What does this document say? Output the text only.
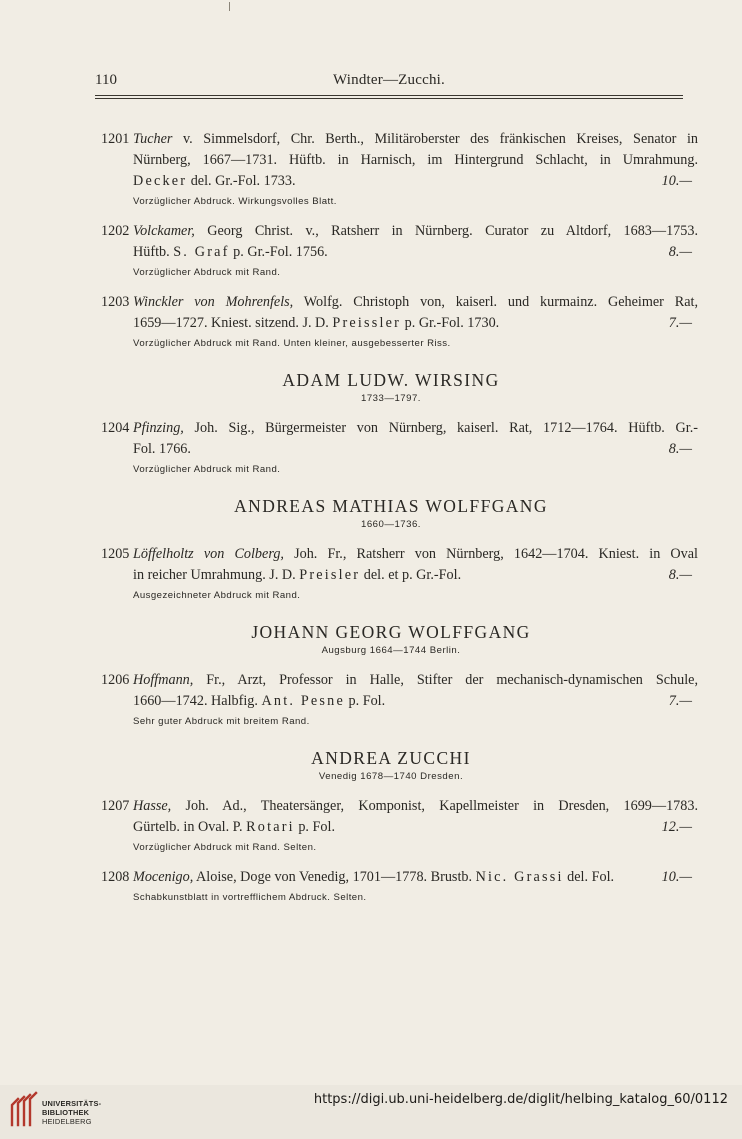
110	Windter—Zucchi.
1201 Tucher v. Simmelsdorf, Chr. Berth., Militäroberster des fränkischen Kreises, Senator in
Nürnberg, 1667—1731. Hüftb. in Harnisch, im Hintergrund Schlacht, in Umrahmung.
Decker del. Gr.-Fol. 1733.	10.—
Vorzüglicher Abdruck. Wirkungsvolles Blatt.
1202 Volckamer, Georg Christ. v., Ratsherr in Nürnberg. Curator zu Altdorf, 1683—1753.
Hüftb. S. Graf p. Gr.-Fol. 1756.	8.—
Vorzüglicher Abdruck mit Rand.
1203 Winckler von Mohrenfels, Wolfg. Christoph von, kaiserl. und kurmainz. Geheimer Rat,
1659—1727. Kniest. sitzend. J. D. Preissler p. Gr.-Fol. 1730.	7.—
Vorzüglicher Abdruck mit Rand. Unten kleiner, ausgebesserter Riss.
ADAM LUDW. WIRSING
1733—1797.
1204 Pfinzing, Joh. Sig., Bürgermeister von Nürnberg, kaiserl. Rat, 1712—1764. Hüftb. Gr.-
Fol. 1766.	8.—
Vorzüglicher Abdruck mit Rand.
ANDREAS MATHIAS WOLFFGANG
1660—1736.
1205 Löffelholtz von Colberg, Joh. Fr., Ratsherr von Nürnberg, 1642—1704. Kniest. in Oval
in reicher Umrahmung. J. D. Preisler del. et p. Gr.-Fol.	8.—
Ausgezeichneter Abdruck mit Rand.
JOHANN GEORG WOLFFGANG
Augsburg 1664—1744 Berlin.
1206 Hoffmann, Fr., Arzt, Professor in Halle, Stifter der mechanisch-dynamischen Schule,
1660—1742. Halbfig. Ant. Pesne p. Fol.	7.—
Sehr guter Abdruck mit breitem Rand.
ANDREA ZUCCHI
Venedig 1678—1740 Dresden.
1207 Hasse, Joh. Ad., Theatersänger, Komponist, Kapellmeister in Dresden, 1699—1783.
Gürtelb. in Oval. P. Rotari p. Fol.	12.—
Vorzüglicher Abdruck mit Rand. Selten.
1208 Mocenigo, Aloise, Doge von Venedig, 1701—1778. Brustb. Nic. Grassi del. Fol.	10.—
Schabkunstblatt in vortrefflichem Abdruck. Selten.
UNIVERSITÄTS-
BIBLIOTHEK
HEIDELBERG
https://digi.ub.uni-heidelberg.de/diglit/helbing_katalog_60/0112
